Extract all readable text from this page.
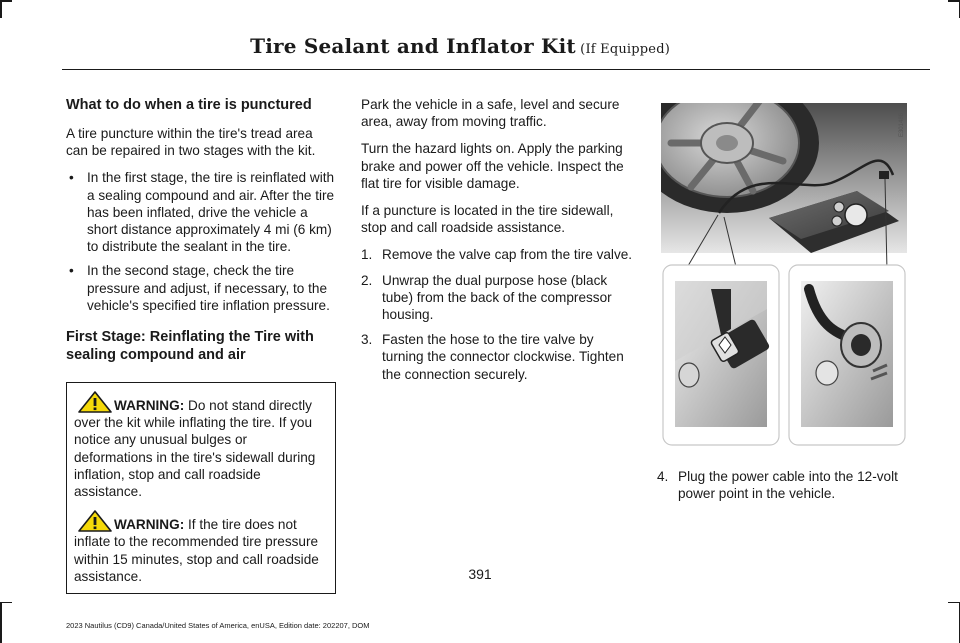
Tire Sealant and Inflator Kit (If Equipped)
What to do when a tire is punctured

A tire puncture within the tire's tread area can be repaired in two stages with the kit.

• In the first stage, the tire is reinflated with a sealing compound and air. After the tire has been inflated, drive the vehicle a short distance approximately 4 mi (6 km) to distribute the sealant in the tire.
• In the second stage, check the tire pressure and adjust, if necessary, to the vehicle's specified tire inflation pressure.
First Stage: Reinflating the Tire with sealing compound and air
WARNING: Do not stand directly over the kit while inflating the tire. If you notice any unusual bulges or deformations in the tire's sidewall during inflation, stop and call roadside assistance.
WARNING: If the tire does not inflate to the recommended tire pressure within 15 minutes, stop and call roadside assistance.

Park the vehicle in a safe, level and secure area, away from moving traffic.

Turn the hazard lights on. Apply the parking brake and power off the vehicle. Inspect the flat tire for visible damage.

If a puncture is located in the tire sidewall, stop and call roadside assistance.

1. Remove the valve cap from the tire valve.
2. Unwrap the dual purpose hose (black tube) from the back of the compressor housing.
3. Fasten the hose to the tire valve by turning the connector clockwise. Tighten the connection securely.
E301486
4. Plug the power cable into the 12-volt power point in the vehicle.
391
2023 Nautilus (CD9) Canada/United States of America, enUSA, Edition date: 202207, DOM
